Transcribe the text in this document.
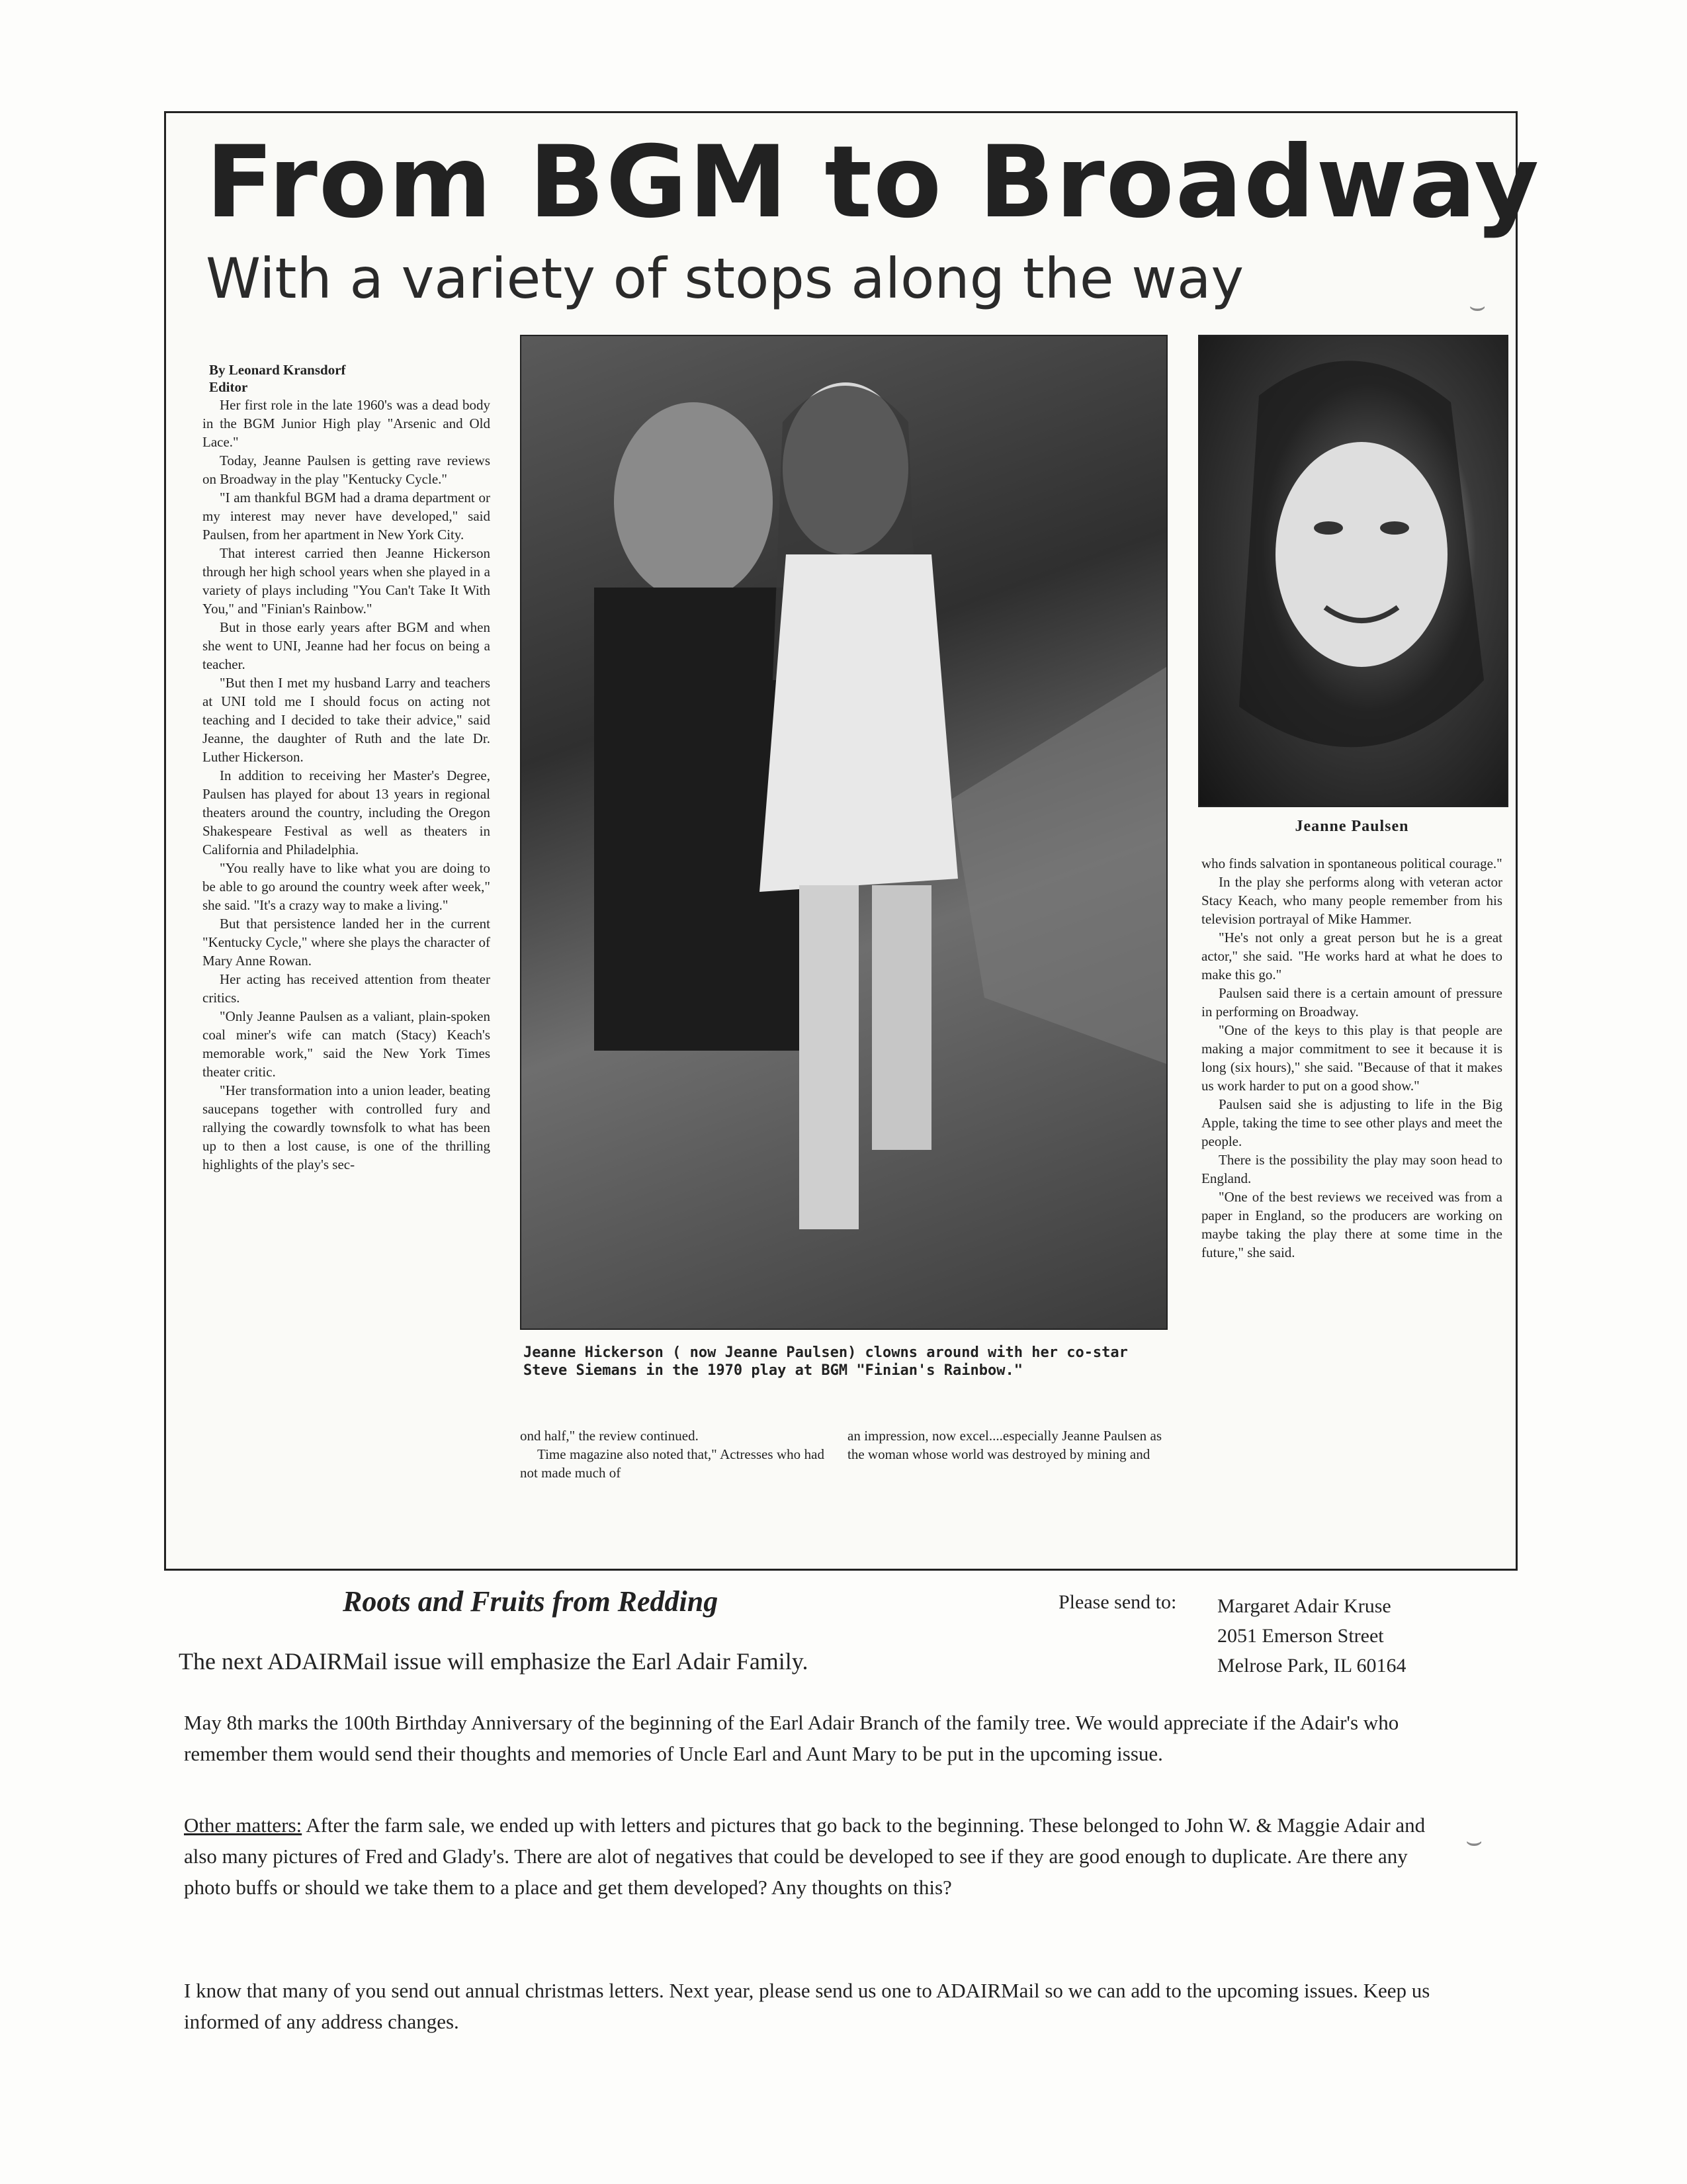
From BGM to Broadway
With a variety of stops along the way
By Leonard Kransdorf
Editor

Her first role in the late 1960's was a dead body in the BGM Junior High play "Arsenic and Old Lace."

Today, Jeanne Paulsen is getting rave reviews on Broadway in the play "Kentucky Cycle."

"I am thankful BGM had a drama department or my interest may never have developed," said Paulsen, from her apartment in New York City.

That interest carried then Jeanne Hickerson through her high school years when she played in a variety of plays including "You Can't Take It With You," and "Finian's Rainbow."

But in those early years after BGM and when she went to UNI, Jeanne had her focus on being a teacher.

"But then I met my husband Larry and teachers at UNI told me I should focus on acting not teaching and I decided to take their advice," said Jeanne, the daughter of Ruth and the late Dr. Luther Hickerson.

In addition to receiving her Master's Degree, Paulsen has played for about 13 years in regional theaters around the country, including the Oregon Shakespeare Festival as well as theaters in California and Philadelphia.

"You really have to like what you are doing to be able to go around the country week after week," she said. "It's a crazy way to make a living."

But that persistence landed her in the current "Kentucky Cycle," where she plays the character of Mary Anne Rowan.

Her acting has received attention from theater critics.

"Only Jeanne Paulsen as a valiant, plain-spoken coal miner's wife can match (Stacy) Keach's memorable work," said the New York Times theater critic.

"Her transformation into a union leader, beating saucepans together with controlled fury and rallying the cowardly townsfolk to what has been up to then a lost cause, is one of the thrilling highlights of the play's sec-

Jeanne Hickerson ( now Jeanne Paulsen) clowns around with her co-star Steve Siemans in the 1970 play at BGM "Finian's Rainbow."

ond half," the review continued.

Time magazine also noted that," Actresses who had not made much of

an impression, now excel....especially Jeanne Paulsen as the woman whose world was destroyed by mining and

Jeanne Paulsen

who finds salvation in spontaneous political courage."

In the play she performs along with veteran actor Stacy Keach, who many people remember from his television portrayal of Mike Hammer.

"He's not only a great person but he is a great actor," she said. "He works hard at what he does to make this go."

Paulsen said there is a certain amount of pressure in performing on Broadway.

"One of the keys to this play is that people are making a major commitment to see it because it is long (six hours)," she said. "Because of that it makes us work harder to put on a good show."

Paulsen said she is adjusting to life in the Big Apple, taking the time to see other plays and meet the people.

There is the possibility the play may soon head to England.

"One of the best reviews we received was from a paper in England, so the producers are working on maybe taking the play there at some time in the future," she said.

⌣
⌣
Roots and Fruits from Redding
The next ADAIRMail issue will emphasize the Earl Adair Family.
Please send to: Margaret Adair Kruse
2051 Emerson Street
Melrose Park, IL 60164
May 8th marks the 100th Birthday Anniversary of the beginning of the Earl Adair Branch of the family tree. We would appreciate if the Adair's who remember them would send their thoughts and memories of Uncle Earl and Aunt Mary to be put in the upcoming issue.
Other matters: After the farm sale, we ended up with letters and pictures that go back to the beginning. These belonged to John W. & Maggie Adair and also many pictures of Fred and Glady's. There are alot of negatives that could be developed to see if they are good enough to duplicate. Are there any photo buffs or should we take them to a place and get them developed? Any thoughts on this?
I know that many of you send out annual christmas letters. Next year, please send us one to ADAIRMail so we can add to the upcoming issues. Keep us informed of any address changes.
